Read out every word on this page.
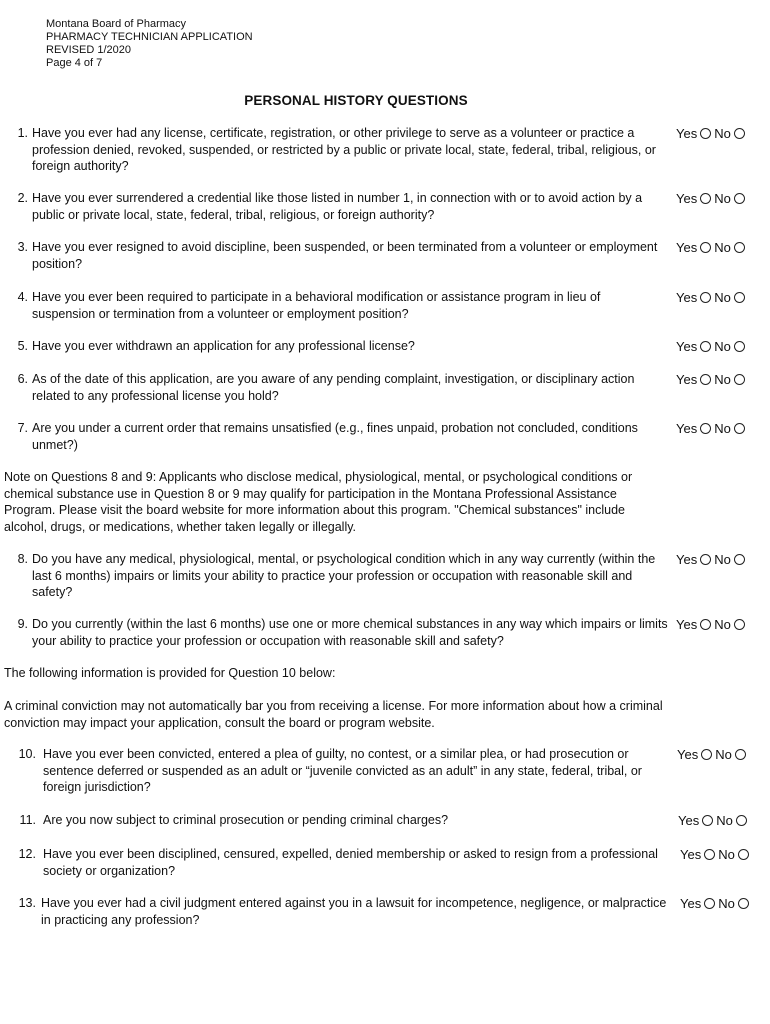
Montana Board of Pharmacy
PHARMACY TECHNICIAN APPLICATION
REVISED 1/2020
Page 4 of 7
PERSONAL HISTORY QUESTIONS
1. Have you ever had any license, certificate, registration, or other privilege to serve as a volunteer or practice a profession denied, revoked, suspended, or restricted by a public or private local, state, federal, tribal, religious, or foreign authority?
Yes No
2. Have you ever surrendered a credential like those listed in number 1, in connection with or to avoid action by a public or private local, state, federal, tribal, religious, or foreign authority?
Yes No
3. Have you ever resigned to avoid discipline, been suspended, or been terminated from a volunteer or employment position?
Yes No
4. Have you ever been required to participate in a behavioral modification or assistance program in lieu of suspension or termination from a volunteer or employment position?
Yes No
5. Have you ever withdrawn an application for any professional license?	Yes No
6. As of the date of this application, are you aware of any pending complaint, investigation, or disciplinary action related to any professional license you hold?
Yes No
7. Are you under a current order that remains unsatisfied (e.g., fines unpaid, probation not concluded, conditions unmet?)
Yes No
Note on Questions 8 and 9: Applicants who disclose medical, physiological, mental, or psychological conditions or chemical substance use in Question 8 or 9 may qualify for participation in the Montana Professional Assistance Program. Please visit the board website for more information about this program. "Chemical substances" include alcohol, drugs, or medications, whether taken legally or illegally.
8. Do you have any medical, physiological, mental, or psychological condition which in any way currently (within the last 6 months) impairs or limits your ability to practice your profession or occupation with reasonable skill and safety?
Yes No
9. Do you currently (within the last 6 months) use one or more chemical substances in any way which impairs or limits your ability to practice your profession or occupation with reasonable skill and safety?
Yes No
The following information is provided for Question 10 below:
A criminal conviction may not automatically bar you from receiving a license. For more information about how a criminal conviction may impact your application, consult the board or program website.
10. Have you ever been convicted, entered a plea of guilty, no contest, or a similar plea, or had prosecution or sentence deferred or suspended as an adult or “juvenile convicted as an adult” in any state, federal, tribal, or foreign jurisdiction?
Yes No
11. Are you now subject to criminal prosecution or pending criminal charges?	Yes No
12. Have you ever been disciplined, censured, expelled, denied membership or asked to resign from a professional society or organization?
Yes No
13. Have you ever had a civil judgment entered against you in a lawsuit for incompetence, negligence, or malpractice in practicing any profession?
Yes No
